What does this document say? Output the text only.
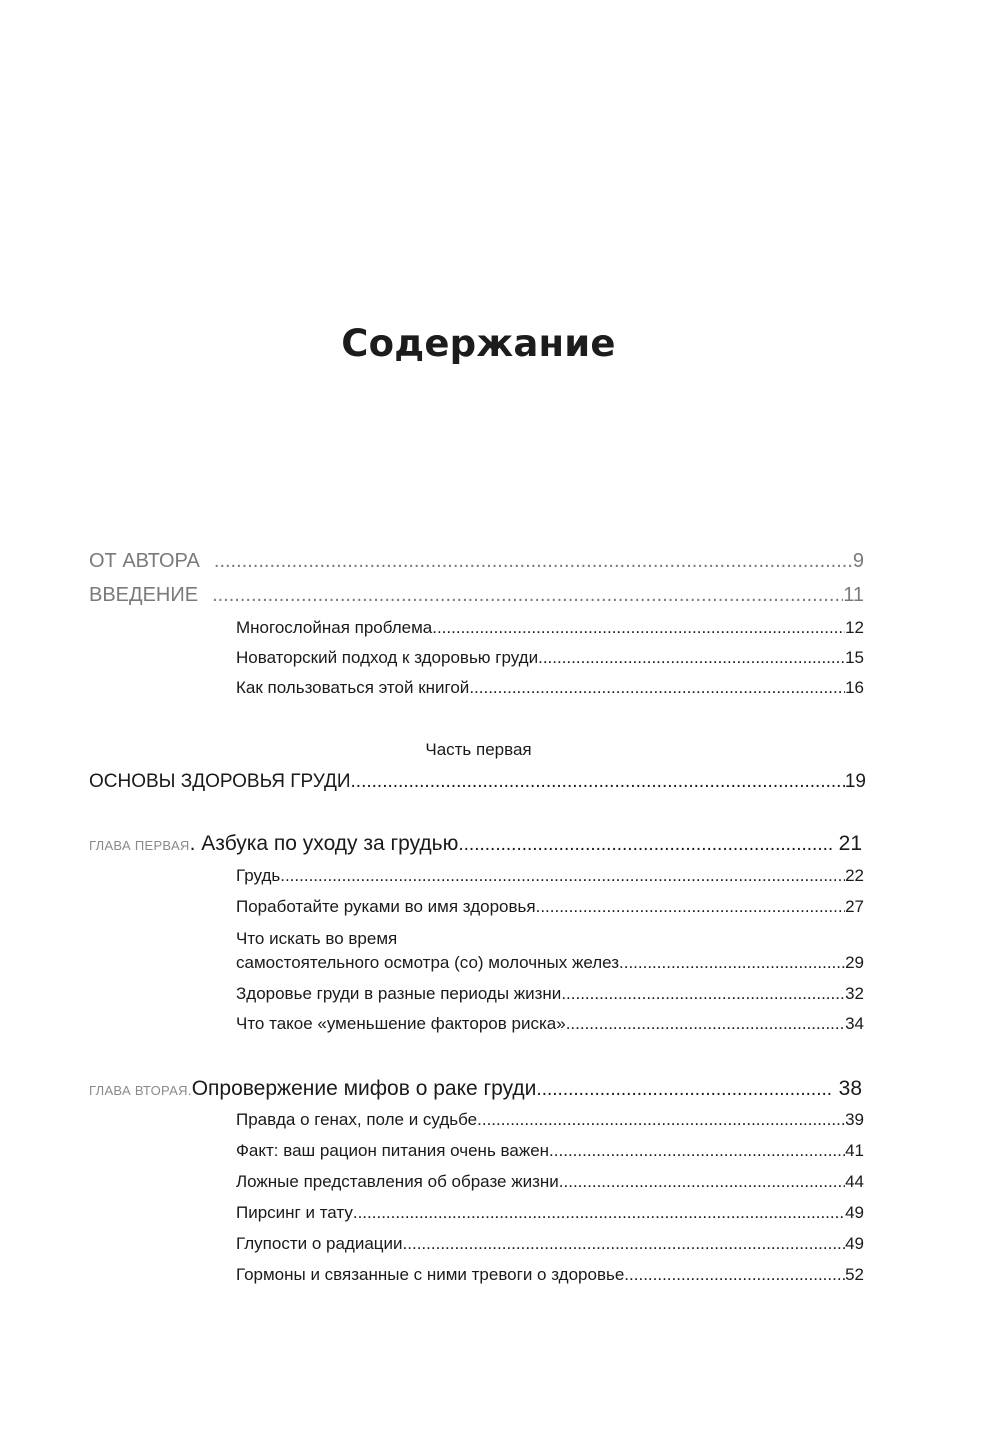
Содержание
ОТ АВТОРА .....	9
ВВЕДЕНИЕ .....	11
Многослойная проблема .....	12
Новаторский подход к здоровью груди .....	15
Как пользоваться этой книгой .....	16
Часть первая
ОСНОВЫ ЗДОРОВЬЯ ГРУДИ .....	19
ГЛАВА ПЕРВАЯ . Азбука по уходу за грудью .....	21
Грудь .....	22
Поработайте руками во имя здоровья .....	27
Что искать во время
самостоятельного осмотра (со) молочных желез .....	29
Здоровье груди в разные периоды жизни .....	32
Что такое «уменьшение факторов риска» .....	34
ГЛАВА ВТОРАЯ. Опровержение мифов о раке груди .....	38
Правда о генах, поле и судьбе .....	39
Факт: ваш рацион питания очень важен .....	41
Ложные представления об образе жизни .....	44
Пирсинг и тату .....	49
Глупости о радиации .....	49
Гормоны и связанные с ними тревоги о здоровье .....	52
